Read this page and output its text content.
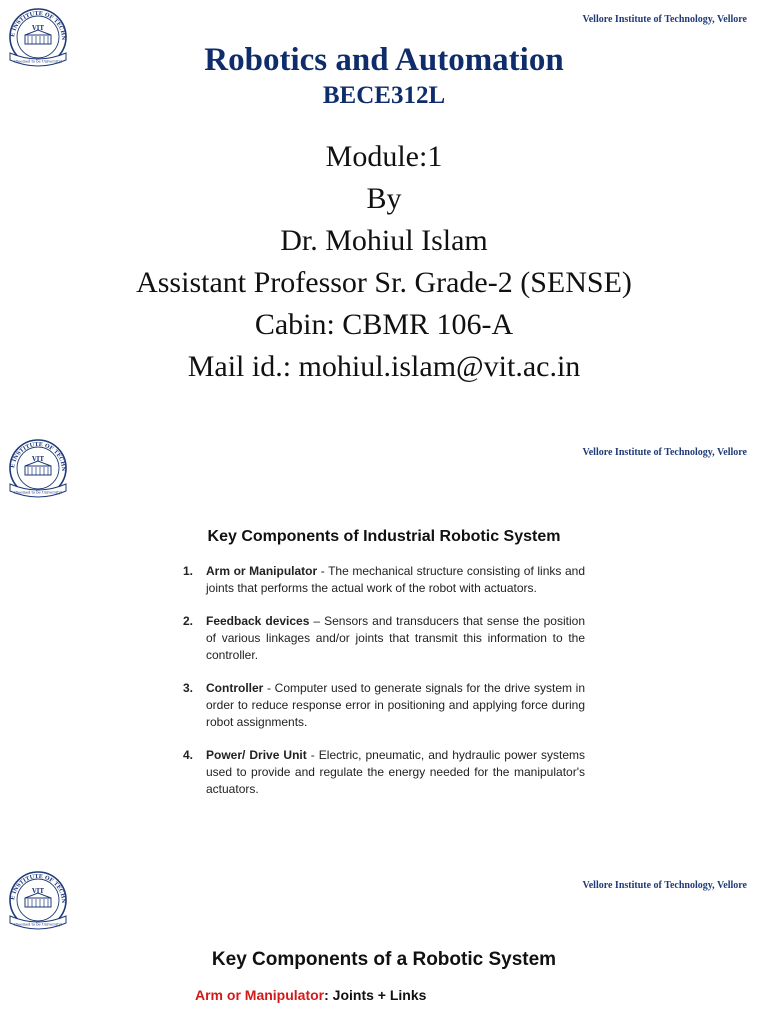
E INSTITUTE OF TECHN
VIT
(Deemed to be University)
Vellore Institute of Technology, Vellore
Robotics and Automation
BECE312L
Module:1
By
Dr. Mohiul Islam
Assistant Professor Sr. Grade-2 (SENSE)
Cabin: CBMR 106-A
Mail id.: mohiul.islam@vit.ac.in
E INSTITUTE OF TECHN
VIT
(Deemed to be University)
Vellore Institute of Technology, Vellore
Key Components of Industrial Robotic System
1. Arm or Manipulator - The mechanical structure consisting of links and joints that performs the actual work of the robot with actuators.
2. Feedback devices – Sensors and transducers that sense the position of various linkages and/or joints that transmit this information to the controller.
3. Controller - Computer used to generate signals for the drive system in order to reduce response error in positioning and applying force during robot assignments.
4. Power/ Drive Unit - Electric, pneumatic, and hydraulic power systems used to provide and regulate the energy needed for the manipulator's actuators.
E INSTITUTE OF TECHN
VIT
(Deemed to be University)
Vellore Institute of Technology, Vellore
Key Components of a Robotic System
Arm or Manipulator: Joints + Links
